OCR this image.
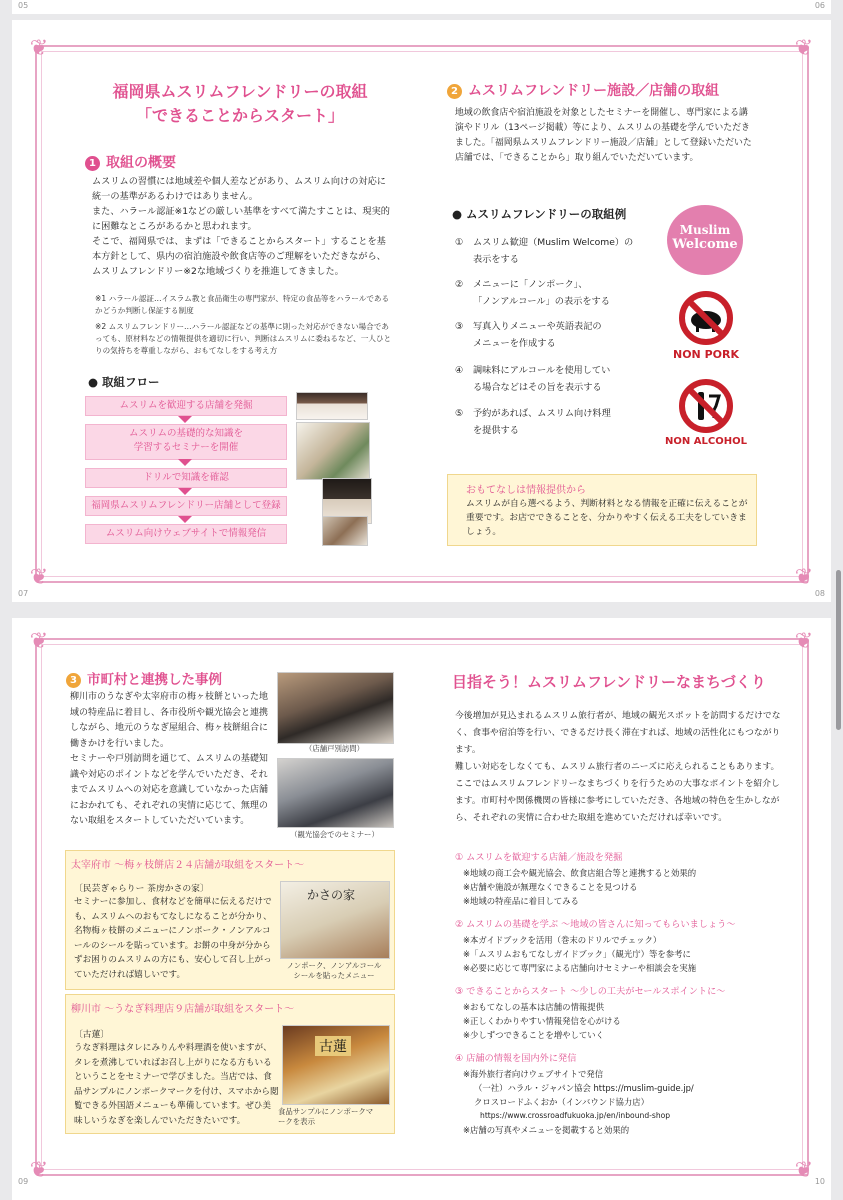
05	06
07	08
❦	❦
❦	❦
福岡県ムスリムフレンドリーの取組
「できることからスタート」
1 取組の概要
ムスリムの習慣には地域差や個人差などがあり、ムスリム向けの対応に統一の基準があるわけではありません。
また、ハラール認証※1などの厳しい基準をすべて満たすことは、現実的に困難なところがあるかと思われます。
そこで、福岡県では、まずは「できることからスタート」することを基本方針として、県内の宿泊施設や飲食店等のご理解をいただきながら、ムスリムフレンドリー※2な地域づくりを推進してきました。
※1 ハラール認証…イスラム教と食品衛生の専門家が、特定の食品等をハラールであるかどうか判断し保証する制度
※2 ムスリムフレンドリー…ハラール認証などの基準に則った対応ができない場合であっても、原材料などの情報提供を適切に行い、判断はムスリムに委ねるなど、一人ひとりの気持ちを尊重しながら、おもてなしをする考え方
● 取組フロー
ムスリムを歓迎する店舗を発掘
ムスリムの基礎的な知識を
学習するセミナーを開催
ドリルで知識を確認
福岡県ムスリムフレンドリー店舗として登録
ムスリム向けウェブサイトで情報発信
2 ムスリムフレンドリー施設／店舗の取組
地域の飲食店や宿泊施設を対象としたセミナーを開催し、専門家による講演やドリル（13ページ掲載）等により、ムスリムの基礎を学んでいただきました。「福岡県ムスリムフレンドリー施設／店舗」として登録いただいた店舗では、「できることから」取り組んでいただいています。
● ムスリムフレンドリーの取組例
① ムスリム歓迎（Muslim Welcome）の
表示をする
② メニューに「ノンポーク」、
「ノンアルコール」の表示をする
③ 写真入りメニューや英語表記の
メニューを作成する
④ 調味料にアルコールを使用してい
る場合などはその旨を表示する
⑤ 予約があれば、ムスリム向け料理
を提供する
Muslim
Welcome
NON PORK
NON ALCOHOL
おもてなしは情報提供から
ムスリムが自ら選べるよう、判断材料となる情報を正確に伝えることが重要です。お店でできることを、分かりやすく伝える工夫をしていきましょう。
09	10
❦	❦
❦	❦
3 市町村と連携した事例
柳川市のうなぎや太宰府市の梅ヶ枝餅といった地域の特産品に着目し、各市役所や観光協会と連携しながら、地元のうなぎ屋組合、梅ヶ枝餅組合に働きかけを行いました。
セミナーや戸別訪問を通じて、ムスリムの基礎知識や対応のポイントなどを学んでいただき、それまでムスリムへの対応を意識していなかった店舗におかれても、それぞれの実情に応じて、無理のない取組をスタートしていただいています。
（店舗戸別訪問）
（観光協会でのセミナー）
太宰府市 ～梅ヶ枝餅店２４店舗が取組をスタート～
〔民芸ぎゃらりー 茶房かさの家〕
セミナーに参加し、食材などを簡単に伝えるだけでも、ムスリムへのおもてなしになることが分かり、名物梅ヶ枝餅のメニューにノンポーク・ノンアルコールのシールを貼っています。お餅の中身が分からずお困りのムスリムの方にも、安心して召し上がっていただければ嬉しいです。
かさの家
ノンポーク、ノンアルコール
シールを貼ったメニュー
柳川市 ～うなぎ料理店９店舗が取組をスタート～
〔古蓮〕
うなぎ料理はタレにみりんや料理酒を使いますが、タレを煮沸していればお召し上がりになる方もいるということをセミナーで学びました。当店では、食品サンプルにノンポークマークを付け、スマホから閲覧できる外国語メニューも準備しています。ぜひ美味しいうなぎを楽しんでいただきたいです。
古蓮
食品サンプルにノンポークマ
ークを表示
目指そう！ムスリムフレンドリーなまちづくり
今後増加が見込まれるムスリム旅行者が、地域の観光スポットを訪問するだけでなく、食事や宿泊等を行い、できるだけ長く滞在すれば、地域の活性化にもつながります。
難しい対応をしなくても、ムスリム旅行者のニーズに応えられることもあります。ここではムスリムフレンドリーなまちづくりを行うための大事なポイントを紹介します。市町村や関係機関の皆様に参考にしていただき、各地域の特色を生かしながら、それぞれの実情に合わせた取組を進めていただければ幸いです。
① ムスリムを歓迎する店舗／施設を発掘
※地域の商工会や観光協会、飲食店組合等と連携すると効果的
※店舗や施設が無理なくできることを見つける
※地域の特産品に着目してみる
② ムスリムの基礎を学ぶ ～地域の皆さんに知ってもらいましょう～
※本ガイドブックを活用（巻末のドリルでチェック）
※「ムスリムおもてなしガイドブック」（観光庁）等を参考に
※必要に応じて専門家による店舗向けセミナーや相談会を実施
③ できることからスタート ～少しの工夫がセールスポイントに～
※おもてなしの基本は店舗の情報提供
※正しくわかりやすい情報発信を心がける
※少しずつできることを増やしていく
④ 店舗の情報を国内外に発信
※海外旅行者向けウェブサイトで発信
（一社）ハラル・ジャパン協会 https://muslim-guide.jp/
クロスロードふくおか（インバウンド協力店）
https://www.crossroadfukuoka.jp/en/inbound-shop
※店舗の写真やメニューを掲載すると効果的
